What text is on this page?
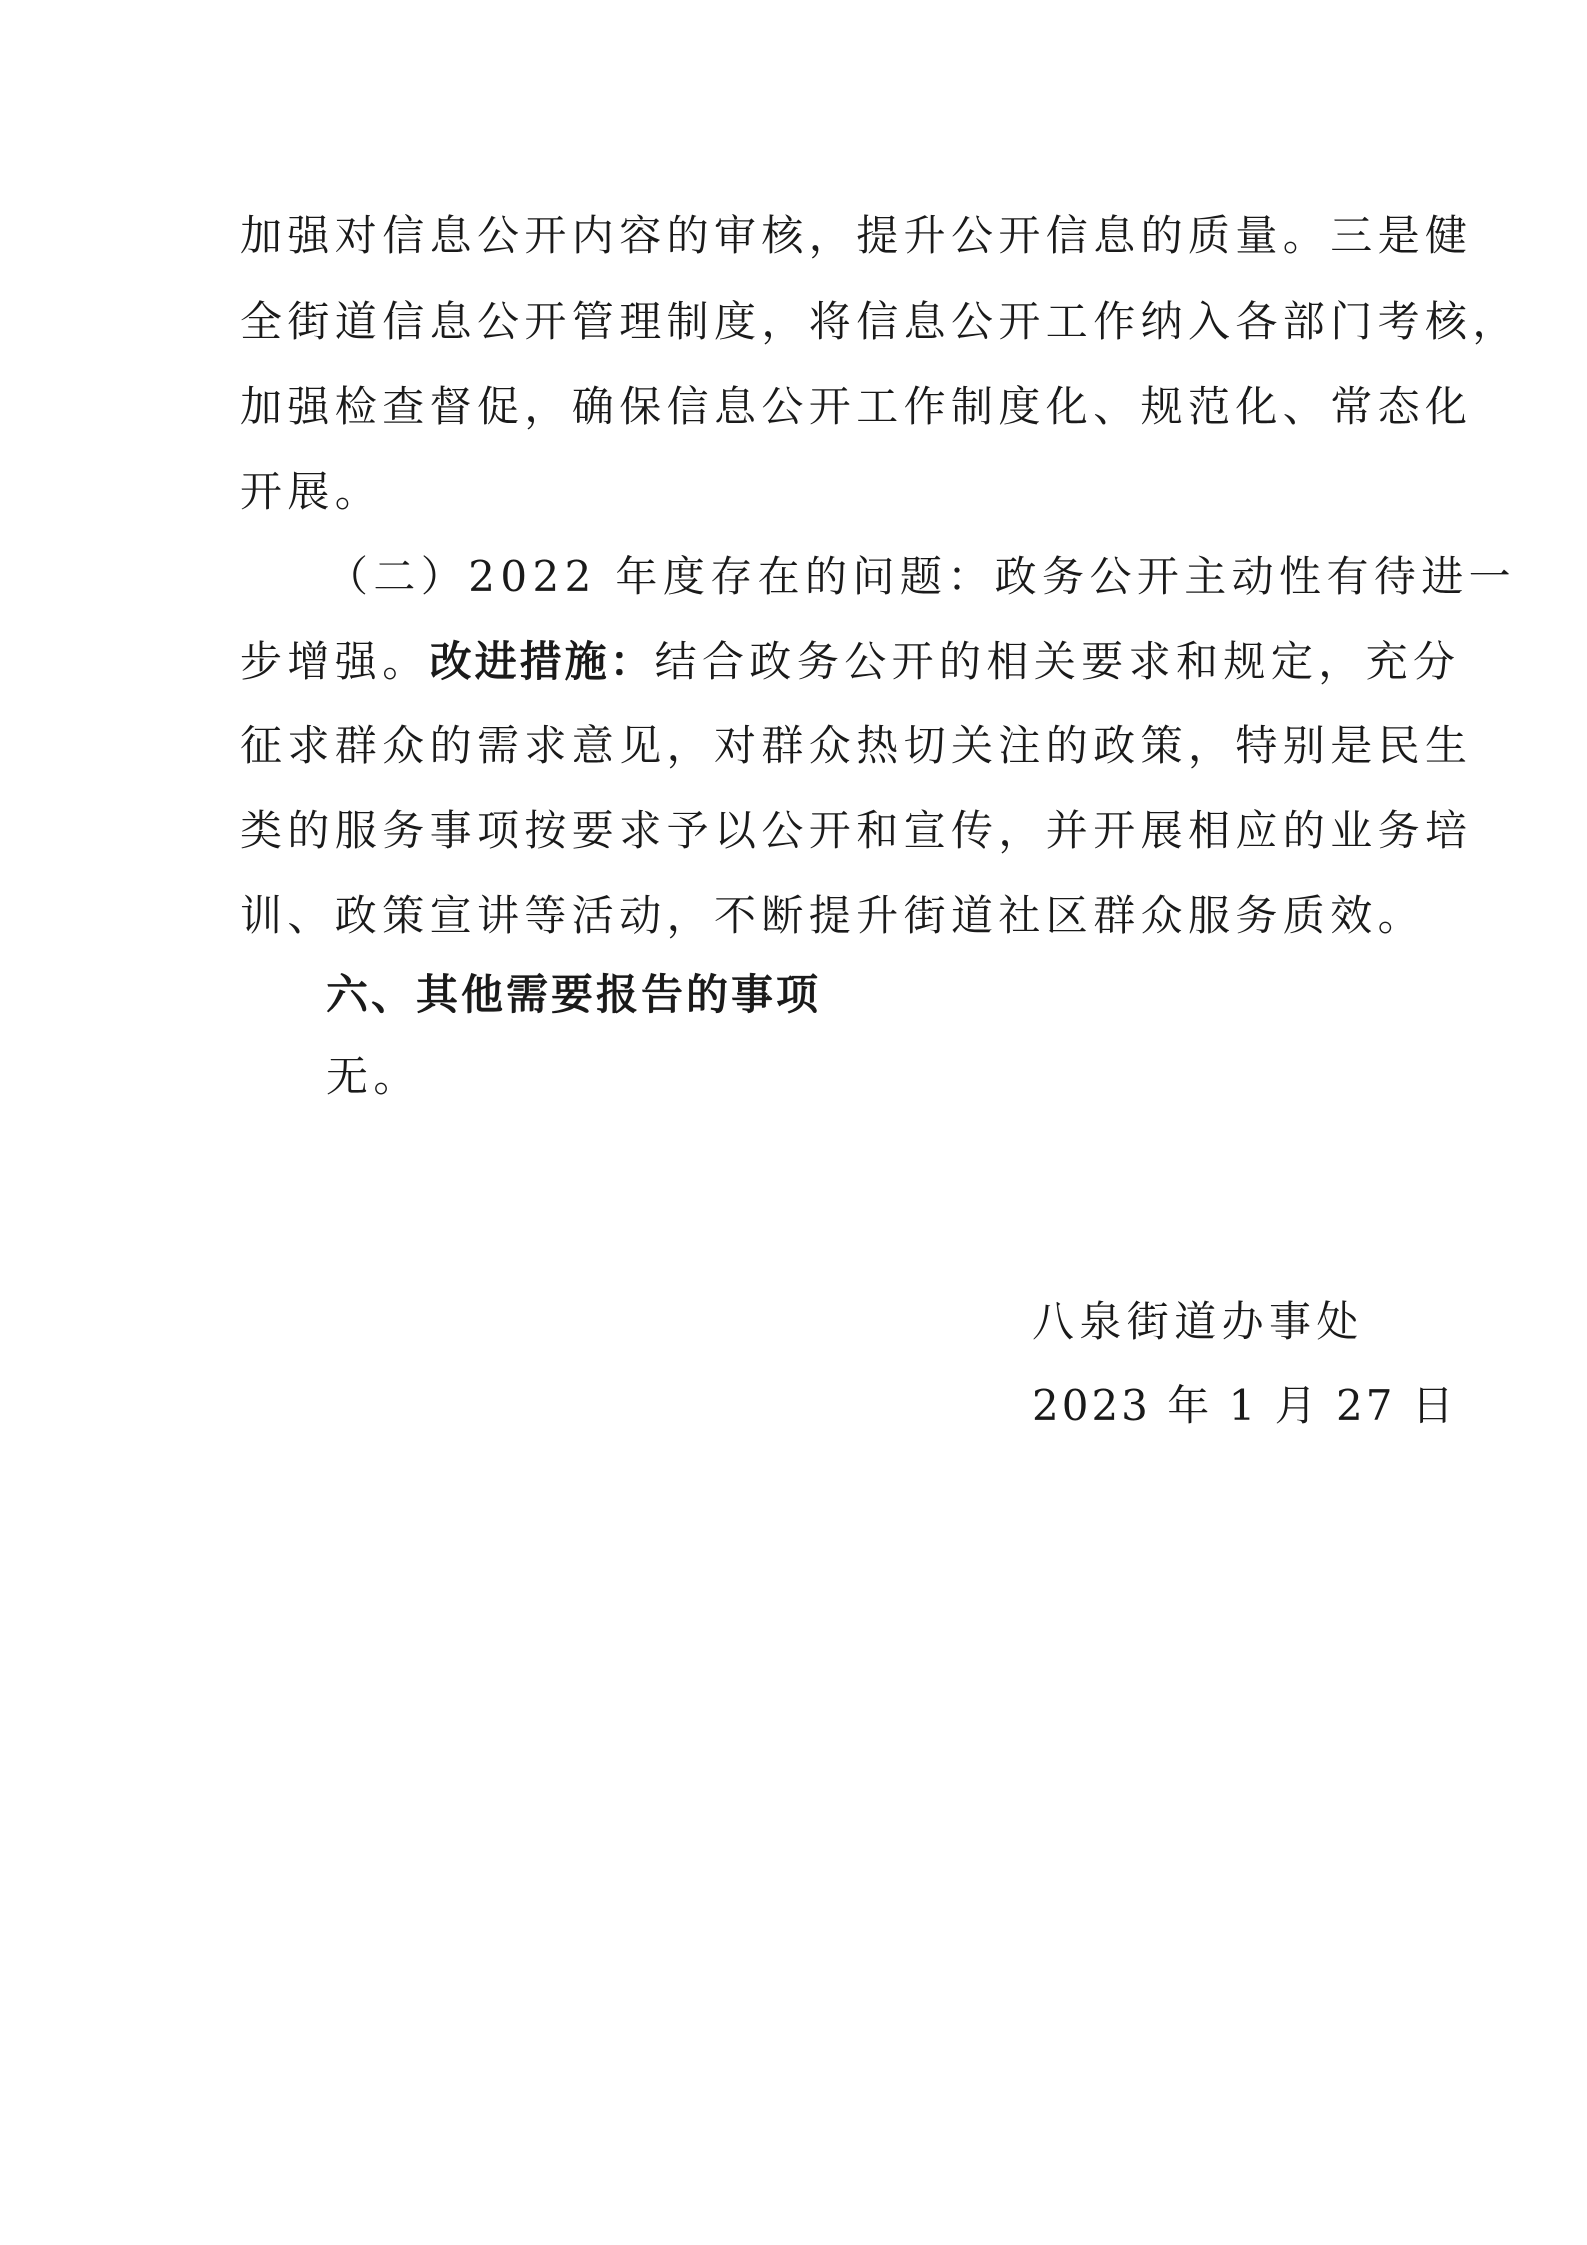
加强对信息公开内容的审核，提升公开信息的质量。三是健
全街道信息公开管理制度，将信息公开工作纳入各部门考核，
加强检查督促，确保信息公开工作制度化、规范化、常态化
开展。
（二）2022 年度存在的问题：政务公开主动性有待进一
步增强。改进措施：结合政务公开的相关要求和规定，充分
征求群众的需求意见，对群众热切关注的政策，特别是民生
类的服务事项按要求予以公开和宣传，并开展相应的业务培
训、政策宣讲等活动，不断提升街道社区群众服务质效。
六、其他需要报告的事项
无。
八泉街道办事处
2023 年 1 月 27 日
